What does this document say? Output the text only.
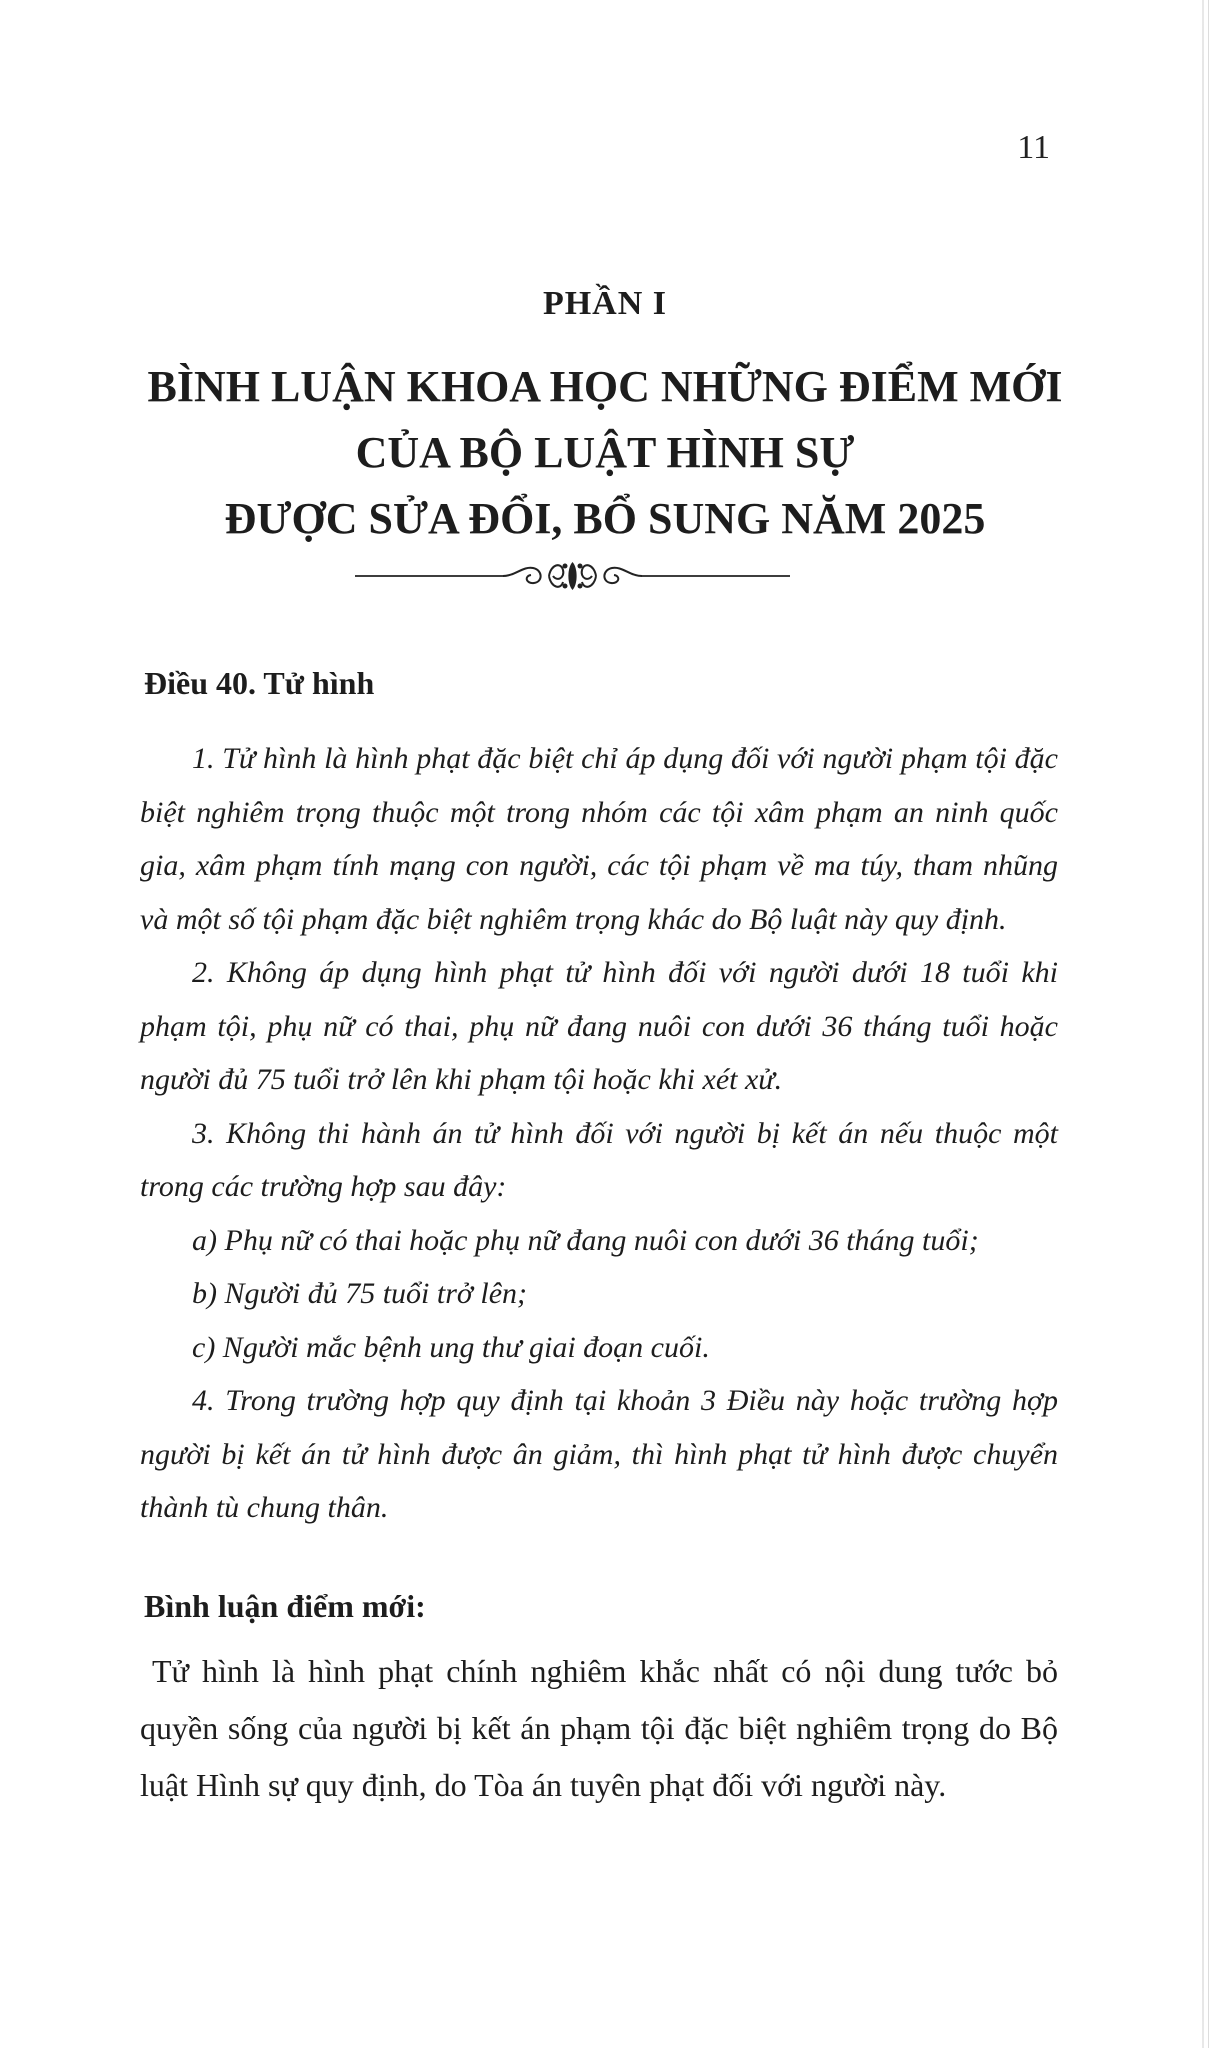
11
PHẦN I
BÌNH LUẬN KHOA HỌC NHỮNG ĐIỂM MỚI
CỦA BỘ LUẬT HÌNH SỰ
ĐƯỢC SỬA ĐỔI, BỔ SUNG NĂM 2025
Điều 40. Tử hình

1. Tử hình là hình phạt đặc biệt chỉ áp dụng đối với người phạm tội đặc biệt nghiêm trọng thuộc một trong nhóm các tội xâm phạm an ninh quốc gia, xâm phạm tính mạng con người, các tội phạm về ma túy, tham nhũng và một số tội phạm đặc biệt nghiêm trọng khác do Bộ luật này quy định.

2. Không áp dụng hình phạt tử hình đối với người dưới 18 tuổi khi phạm tội, phụ nữ có thai, phụ nữ đang nuôi con dưới 36 tháng tuổi hoặc người đủ 75 tuổi trở lên khi phạm tội hoặc khi xét xử.

3. Không thi hành án tử hình đối với người bị kết án nếu thuộc một trong các trường hợp sau đây:

a) Phụ nữ có thai hoặc phụ nữ đang nuôi con dưới 36 tháng tuổi;

b) Người đủ 75 tuổi trở lên;

c) Người mắc bệnh ung thư giai đoạn cuối.

4. Trong trường hợp quy định tại khoản 3 Điều này hoặc trường hợp người bị kết án tử hình được ân giảm, thì hình phạt tử hình được chuyển thành tù chung thân.

Bình luận điểm mới:

Tử hình là hình phạt chính nghiêm khắc nhất có nội dung tước bỏ quyền sống của người bị kết án phạm tội đặc biệt nghiêm trọng do Bộ luật Hình sự quy định, do Tòa án tuyên phạt đối với người này.
